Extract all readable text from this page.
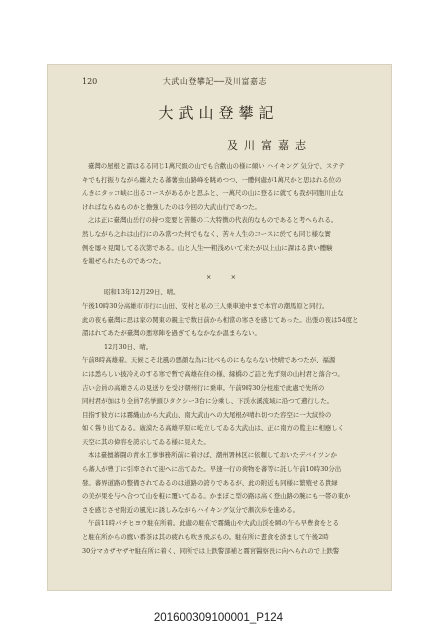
120	大武山登攀記──及川富嘉志
大武山登攀記
及川富嘉志

臺灣の屋根と謂はるる同じ1萬尺級の山でも合歡山の様に頗い ハイキング 気分で、ステテ

キでも打振りながら纏えたる蕃薯虫山路峰を眺めつつ、一體何處が1萬尺かと思はれる位の

んきにタッコ峡に出るコースがあるかと思ふと、一萬尺の山に登るに就ても我が同胞川止な

ければならぬものかと擔強したのは今回の大武山行であつた。

之は正に臺灣山岳行の持つ変要と苦難の二大特徴の代表的なものであると考へられる。

然しながら之れは山行にのみ當つた何でもなく、苦々人生のコースに於ても同じ様な實

例を屡々見聞してる次第である。山と人生──粗浅めいて来たが以上山に課はる貴い體験

を報ぜられたものであつた。

×　　　×

昭和13年12月29日、晴。

午後10時30分高雄市市行に山田、安村と私の三人乗車途中まで本官の潮馬原と同行。

此の夜も臺灣に思は家の関東の親主で数日前から相當の寒さを感じてあった。出張の夜は54度と

謂はれてあたが臺灣の悪寒陣を過ぎてもなかなか温まらない。

12月30日、晴。

午前8時高雄着。天候こそ北風の悪顔な為に比べものにもならない快晴であつたが、福源

には悉らしい披冷えのする寒で暫で高雄在住の様、縁橋のご詰と先ず刻の山村君と落合つ。

吉い会員の高雄さんの見送りを受け朝州行に乗車。午前9時30分柱座で此處で先所の

同村君が加はり全員7名挙頭ひタクシー3台に分乘し、下渓水溪流域に沿つて遡行した。

目指す彼方には霧織山から大武山、南大武山への大尾根が晴れ切つた容空に一大紋怜の

如く聳り出てゐる。廣漠たる高雄平原に屹立してゐる大武山は、正に南方の覧主に相應しく

天空に其の偉容を誇示してゐる様に見えた。

本は臺擅蕃闘の青水工事事務所前に着けば、潮州署林区に依頼しておいたデバイツンか

ら蕃人が豊丁に引率されて迎へに出てゐた。早速一行の荷物を蕃等に託し午前10時30分出

發。蕃界道路の整備されてゐるのは道路の誇りであるが、此の附近も同様に繁殖せる貴緑

の美が果を与へ合つて山を粧に覆いてゐる。かまぼこ型の路は高く登山路の腕にも一帯の東か

さを感じさせ附近の風光に誘しみながらハイキング気分で漸次歩を進める。

午前11時パチヒヨウ駐在所着。此處の駐在で霧織山や大武山渓を瞬の午ら早豊食をとる

と駐在所からの鷹い番茶は其の疲れも吹き飛ぶもの。駐在所に晝食を済まして午後2時

30分マカザヤザヤ駐在所に着く、同所では上鉄警部補と霧宮醫察長に向へられので上鉄警

201600309100001_P124
